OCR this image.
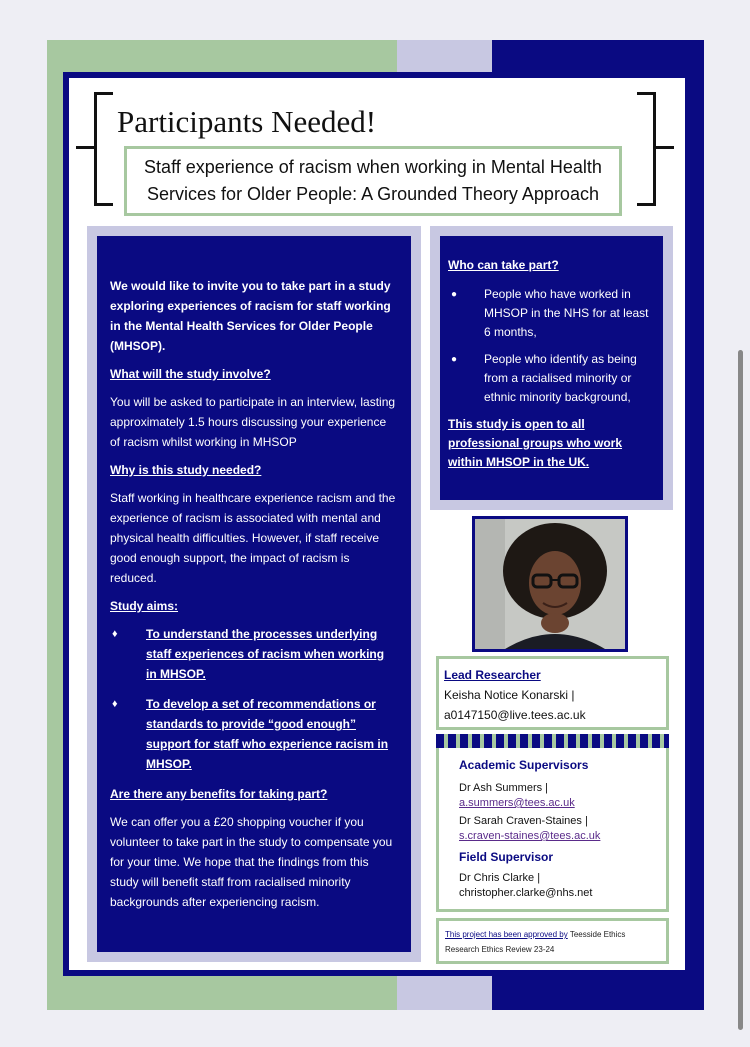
Participants Needed!
Staff experience of racism when working in Mental Health Services for Older People: A Grounded Theory Approach

We would like to invite you to take part in a study exploring experiences of racism for staff working in the Mental Health Services for Older People (MHSOP).

What will the study involve?

You will be asked to participate in an interview, lasting approximately 1.5 hours discussing your experience of racism whilst working in MHSOP

Why is this study needed?

Staff working in healthcare experience racism and the experience of racism is associated with mental and physical health difficulties. However, if staff receive good enough support, the impact of racism is reduced.

Study aims:

♦	To understand the processes underlying staff experiences of racism when working in MHSOP.
♦	To develop a set of recommendations or standards to provide “good enough” support for staff who experience racism in MHSOP.

Are there any benefits for taking part?

We can offer you a £20 shopping voucher if you volunteer to take part in the study to compensate you for your time. We hope that the findings from this study will benefit staff from racialised minority backgrounds after experiencing racism.

Who can take part?

●	People who have worked in MHSOP in the NHS for at least 6 months,
●	People who identify as being from a racialised minority or ethnic minority background,

This study is open to all professional groups who work within MHSOP in the UK.

Lead Researcher
Keisha Notice Konarski |
a0147150@live.tees.ac.uk
Academic Supervisors
Dr Ash Summers |
a.summers@tees.ac.uk
Dr Sarah Craven-Staines |
s.craven-staines@tees.ac.uk
Field Supervisor
Dr Chris Clarke |
christopher.clarke@nhs.net
This project has been approved by Teesside Ethics Research Ethics Review 23-24
